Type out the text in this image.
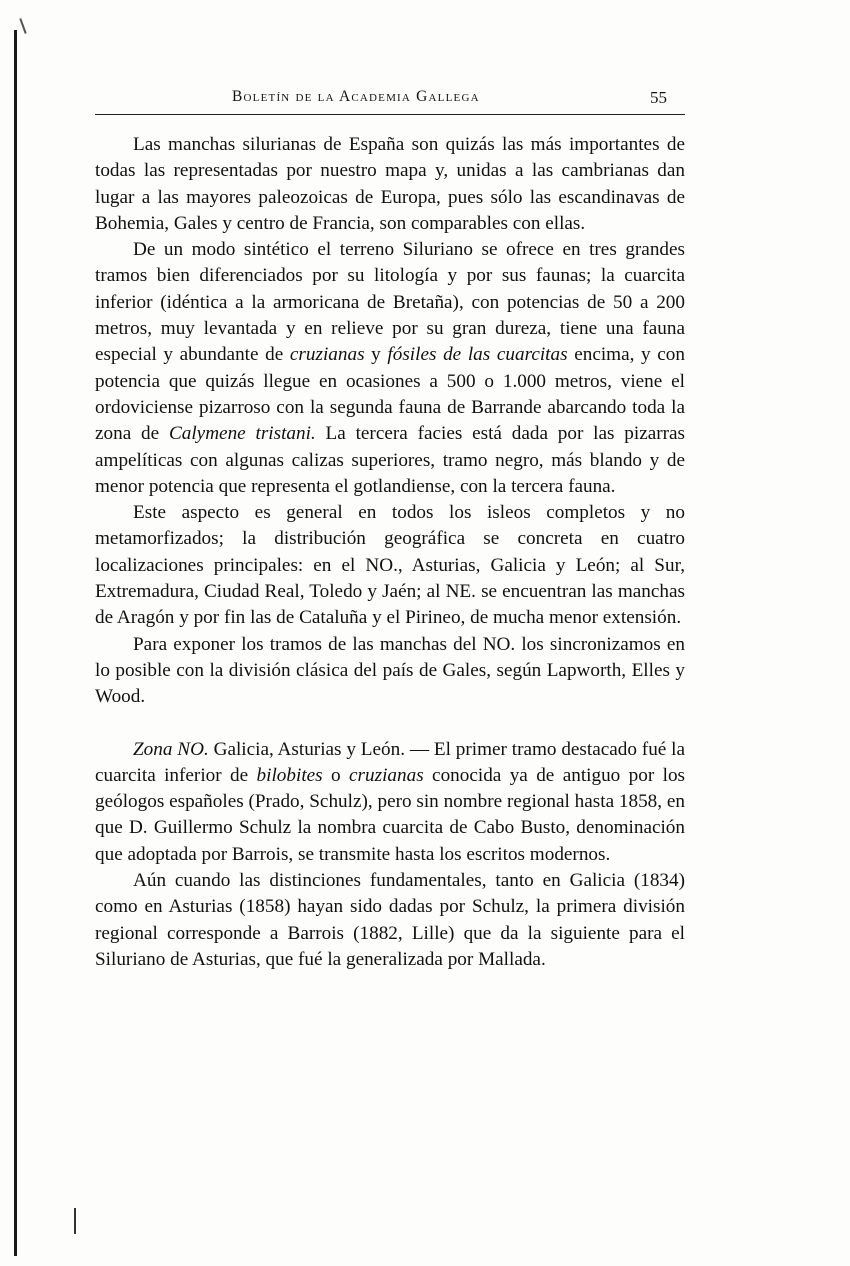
Boletín de la Academia Gallega	55

Las manchas silurianas de España son quizás las más importantes de todas las representadas por nuestro mapa y, unidas a las cambrianas dan lugar a las mayores paleozoicas de Europa, pues sólo las escandinavas de Bohemia, Gales y centro de Francia, son comparables con ellas.

De un modo sintético el terreno Siluriano se ofrece en tres grandes tramos bien diferenciados por su litología y por sus faunas; la cuarcita inferior (idéntica a la armoricana de Bretaña), con potencias de 50 a 200 metros, muy levantada y en relieve por su gran dureza, tiene una fauna especial y abundante de cruzianas y fósiles de las cuarcitas encima, y con potencia que quizás llegue en ocasiones a 500 o 1.000 metros, viene el ordoviciense pizarroso con la segunda fauna de Barrande abarcando toda la zona de Calymene tristani. La tercera facies está dada por las pizarras ampelíticas con algunas calizas superiores, tramo negro, más blando y de menor potencia que representa el gotlandiense, con la tercera fauna.

Este aspecto es general en todos los isleos completos y no metamorfizados; la distribución geográfica se concreta en cuatro localizaciones principales: en el NO., Asturias, Galicia y León; al Sur, Extremadura, Ciudad Real, Toledo y Jaén; al NE. se encuentran las manchas de Aragón y por fin las de Cataluña y el Pirineo, de mucha menor extensión.

Para exponer los tramos de las manchas del NO. los sincronizamos en lo posible con la división clásica del país de Gales, según Lapworth, Elles y Wood.

Zona NO. Galicia, Asturias y León. — El primer tramo destacado fué la cuarcita inferior de bilobites o cruzianas conocida ya de antiguo por los geólogos españoles (Prado, Schulz), pero sin nombre regional hasta 1858, en que D. Guillermo Schulz la nombra cuarcita de Cabo Busto, denominación que adoptada por Barrois, se transmite hasta los escritos modernos.

Aún cuando las distinciones fundamentales, tanto en Galicia (1834) como en Asturias (1858) hayan sido dadas por Schulz, la primera división regional corresponde a Barrois (1882, Lille) que da la siguiente para el Siluriano de Asturias, que fué la generalizada por Mallada.
